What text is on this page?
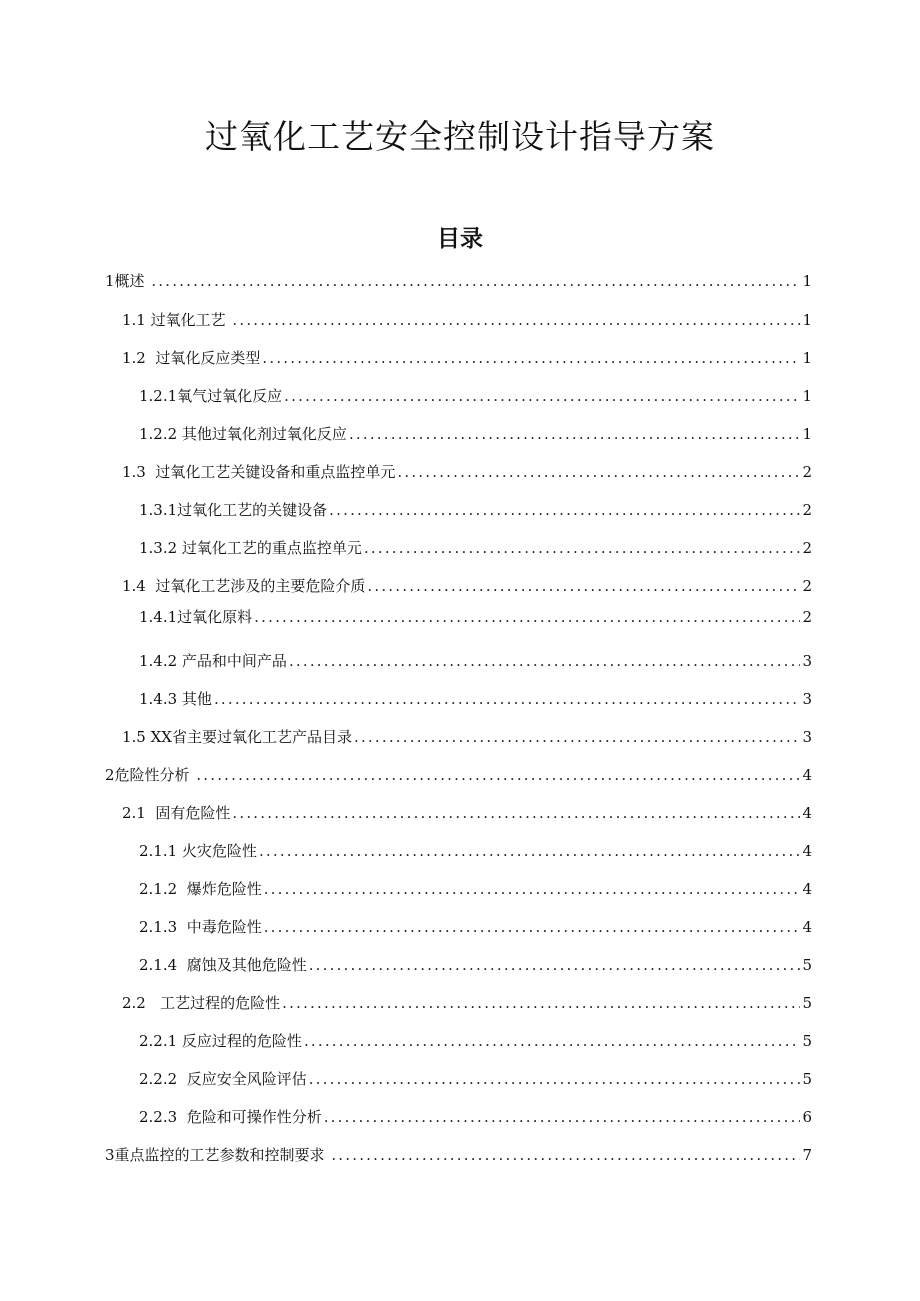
过氧化工艺安全控制设计指导方案
目录
1概述 .....	1
1.1 过氧化工艺 .....	1
1.2  过氧化反应类型 .....	1
1.2.1氧气过氧化反应 .....	1
1.2.2 其他过氧化剂过氧化反应 .....	1
1.3  过氧化工艺关键设备和重点监控单元 .....	2
1.3.1过氧化工艺的关键设备 .....	2
1.3.2 过氧化工艺的重点监控单元 .....	2
1.4  过氧化工艺涉及的主要危险介质 .....	2
1.4.1过氧化原料 .....	2
1.4.2 产品和中间产品 .....	3
1.4.3 其他 .....	3
1.5 XX省主要过氧化工艺产品目录 .....	3
2危险性分析 .....	4
2.1  固有危险性 .....	4
2.1.1 火灾危险性 .....	4
2.1.2  爆炸危险性 .....	4
2.1.3  中毒危险性 .....	4
2.1.4  腐蚀及其他危险性 .....	5
2.2   工艺过程的危险性 .....	5
2.2.1 反应过程的危险性 .....	5
2.2.2  反应安全风险评估 .....	5
2.2.3  危险和可操作性分析 .....	6
3重点监控的工艺参数和控制要求 .....	7
